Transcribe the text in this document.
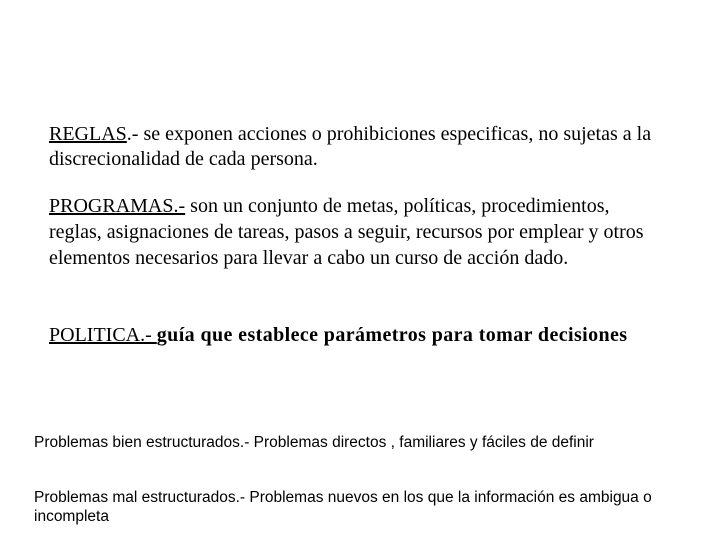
REGLAS.- se exponen acciones o prohibiciones especificas, no sujetas a la discrecionalidad de cada persona.
PROGRAMAS.- son un conjunto de metas, políticas, procedimientos, reglas, asignaciones de tareas, pasos a seguir, recursos por emplear y otros elementos necesarios para llevar a cabo un curso de acción dado.
POLITICA.- guía que establece parámetros para tomar decisiones
Problemas bien estructurados.- Problemas directos , familiares y fáciles de definir
Problemas mal estructurados.- Problemas nuevos en los que la información es ambigua o incompleta
